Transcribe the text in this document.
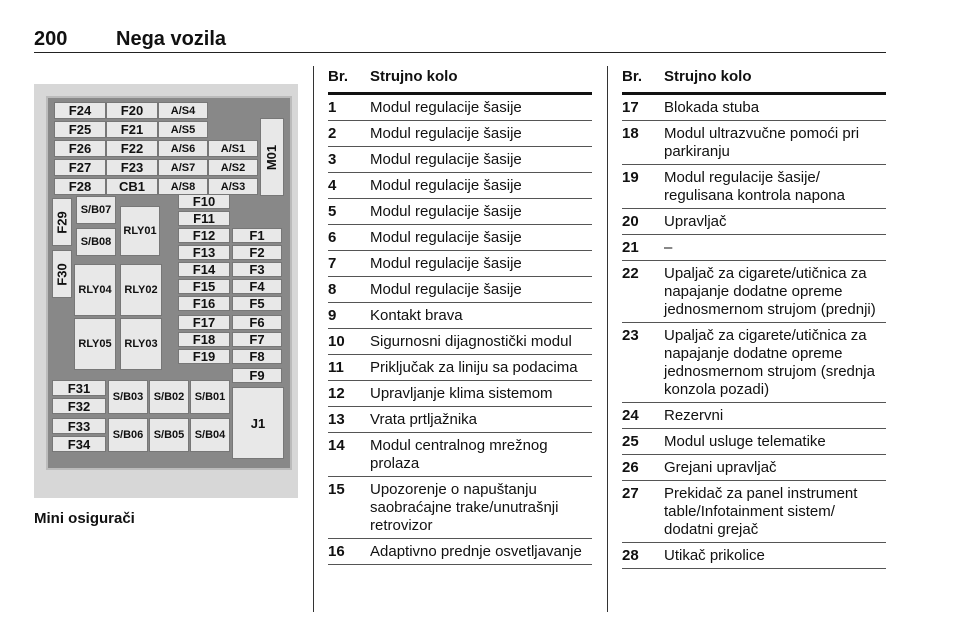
200 Nega vozila
F24	F20	A/S4
F25	F21	A/S5
F26	F22	A/S6	A/S1
F27	F23	A/S7	A/S2
F28	CB1	A/S8	A/S3
M01
F29
F30
S/B07
S/B08
RLY01
F10
F11
F12	F1
F13	F2
RLY04	RLY02
F14	F3
F15	F4
F16	F5
RLY05	RLY03
F17	F6
F18	F7
F19	F8
F9
F31
F32
S/B03 S/B02 S/B01
J1
F33
F34
S/B06 S/B05 S/B04
Mini osigurači
Br. Strujno kolo
1 Modul regulacije šasije
2 Modul regulacije šasije
3 Modul regulacije šasije
4 Modul regulacije šasije
5 Modul regulacije šasije
6 Modul regulacije šasije
7 Modul regulacije šasije
8 Modul regulacije šasije
9 Kontakt brava
10 Sigurnosni dijagnostički modul
11 Priključak za liniju sa podacima
12 Upravljanje klima sistemom
13 Vrata prtljažnika
14 Modul centralnog mrežnog
prolaza
15 Upozorenje o napuštanju
saobraćajne trake/unutrašnji
retrovizor
16 Adaptivno prednje osvetljavanje
Br. Strujno kolo
17 Blokada stuba
18 Modul ultrazvučne pomoći pri
parkiranju
19 Modul regulacije šasije/
regulisana kontrola napona
20 Upravljač
21 –
22 Upaljač za cigarete/utičnica za
napajanje dodatne opreme
jednosmernom strujom (prednji)
23 Upaljač za cigarete/utičnica za
napajanje dodatne opreme
jednosmernom strujom (srednja
konzola pozadi)
24 Rezervni
25 Modul usluge telematike
26 Grejani upravljač
27 Prekidač za panel instrument
table/Infotainment sistem/
dodatni grejač
28 Utikač prikolice
